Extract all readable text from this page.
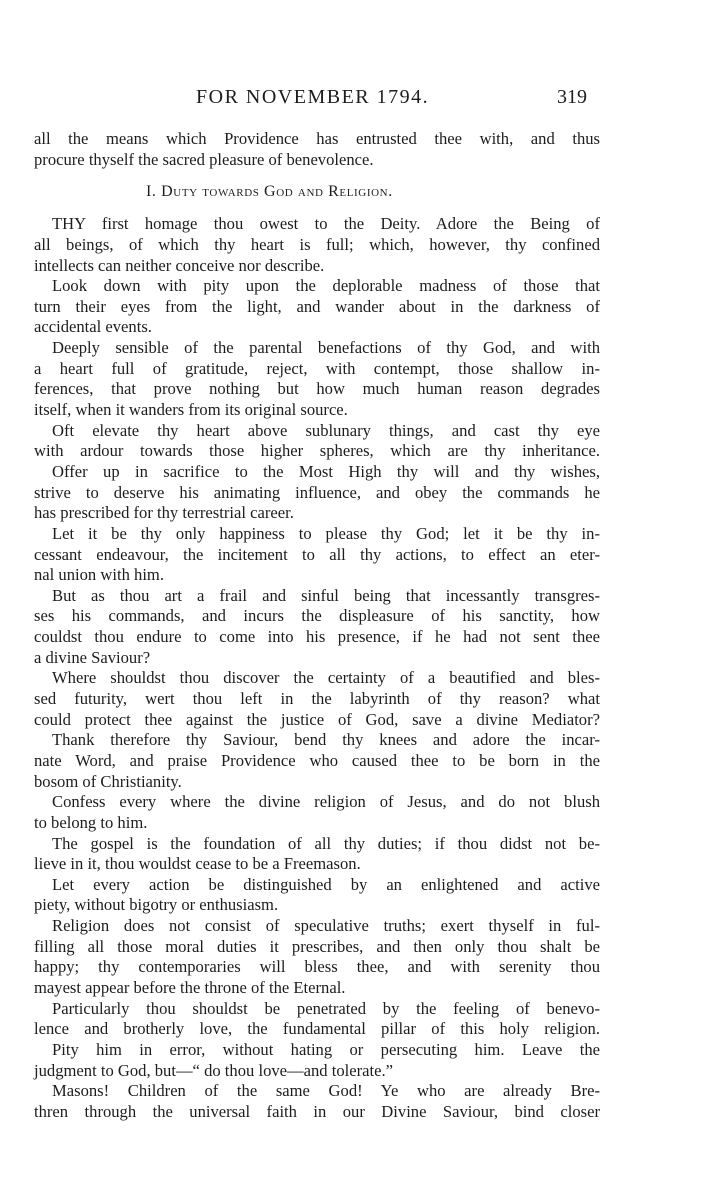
FOR NOVEMBER 1794.	319
all the means which Providence has entrusted thee with, and thus
procure thyself the sacred pleasure of benevolence.
I. Duty towards God and Religion.
THY first homage thou owest to the Deity. Adore the Being of
all beings, of which thy heart is full; which, however, thy confined
intellects can neither conceive nor describe.
Look down with pity upon the deplorable madness of those that
turn their eyes from the light, and wander about in the darkness of
accidental events.
Deeply sensible of the parental benefactions of thy God, and with
a heart full of gratitude, reject, with contempt, those shallow in-
ferences, that prove nothing but how much human reason degrades
itself, when it wanders from its original source.
Oft elevate thy heart above sublunary things, and cast thy eye
with ardour towards those higher spheres, which are thy inheritance.
Offer up in sacrifice to the Most High thy will and thy wishes,
strive to deserve his animating influence, and obey the commands he
has prescribed for thy terrestrial career.
Let it be thy only happiness to please thy God; let it be thy in-
cessant endeavour, the incitement to all thy actions, to effect an eter-
nal union with him.
But as thou art a frail and sinful being that incessantly transgres-
ses his commands, and incurs the displeasure of his sanctity, how
couldst thou endure to come into his presence, if he had not sent thee
a divine Saviour?
Where shouldst thou discover the certainty of a beautified and bles-
sed futurity, wert thou left in the labyrinth of thy reason? what
could protect thee against the justice of God, save a divine Mediator?
Thank therefore thy Saviour, bend thy knees and adore the incar-
nate Word, and praise Providence who caused thee to be born in the
bosom of Christianity.
Confess every where the divine religion of Jesus, and do not blush
to belong to him.
The gospel is the foundation of all thy duties; if thou didst not be-
lieve in it, thou wouldst cease to be a Freemason.
Let every action be distinguished by an enlightened and active
piety, without bigotry or enthusiasm.
Religion does not consist of speculative truths; exert thyself in ful-
filling all those moral duties it prescribes, and then only thou shalt be
happy; thy contemporaries will bless thee, and with serenity thou
mayest appear before the throne of the Eternal.
Particularly thou shouldst be penetrated by the feeling of benevo-
lence and brotherly love, the fundamental pillar of this holy religion.
Pity him in error, without hating or persecuting him. Leave the
judgment to God, but—“ do thou love—and tolerate.”
Masons! Children of the same God! Ye who are already Bre-
thren through the universal faith in our Divine Saviour, bind closer
